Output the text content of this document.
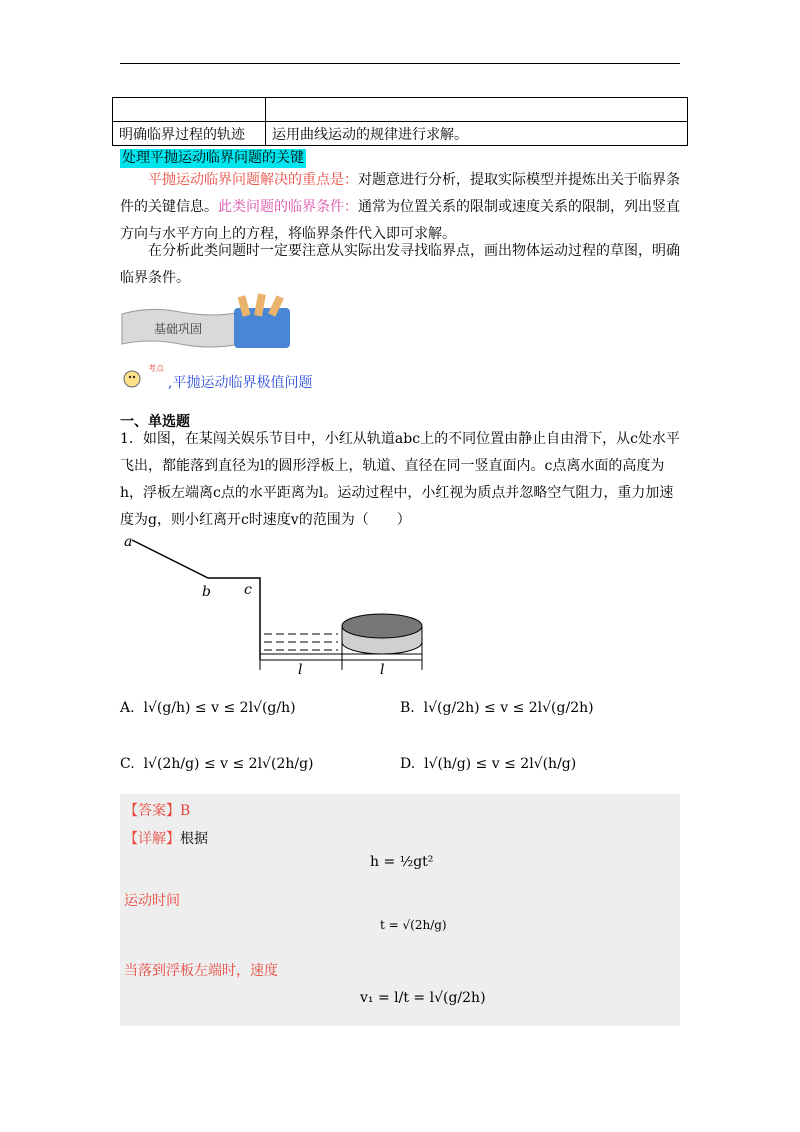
明确临界过程的轨迹	运用曲线运动的规律进行求解。
处理平抛运动临界问题的关键

平抛运动临界问题解决的重点是：对题意进行分析，提取实际模型并提炼出关于临界条件的关键信息。此类问题的临界条件：通常为位置关系的限制或速度关系的限制，列出竖直方向与水平方向上的方程，将临界条件代入即可求解。

在分析此类问题时一定要注意从实际出发寻找临界点，画出物体运动过程的草图，明确临界条件。

基础巩固
考点
,平抛运动临界极值问题
一、单选题

1．如图，在某闯关娱乐节目中，小红从轨道abc上的不同位置由静止自由滑下，从c处水平飞出，都能落到直径为l的圆形浮板上，轨道、直径在同一竖直面内。c点离水面的高度为h，浮板左端离c点的水平距离为l。运动过程中，小红视为质点并忽略空气阻力，重力加速度为g，则小红离开c时速度v的范围为（　　）

a
b c
l	l
A. l√(g/h) ≤ v ≤ 2l√(g/h)	B. l√(g/2h) ≤ v ≤ 2l√(g/2h)
C. l√(2h/g) ≤ v ≤ 2l√(2h/g)	D. l√(h/g) ≤ v ≤ 2l√(h/g)
【答案】B
【详解】根据
h = ½gt²
运动时间
t = √(2h/g)
当落到浮板左端时，速度
v₁ = l/t = l√(g/2h)
